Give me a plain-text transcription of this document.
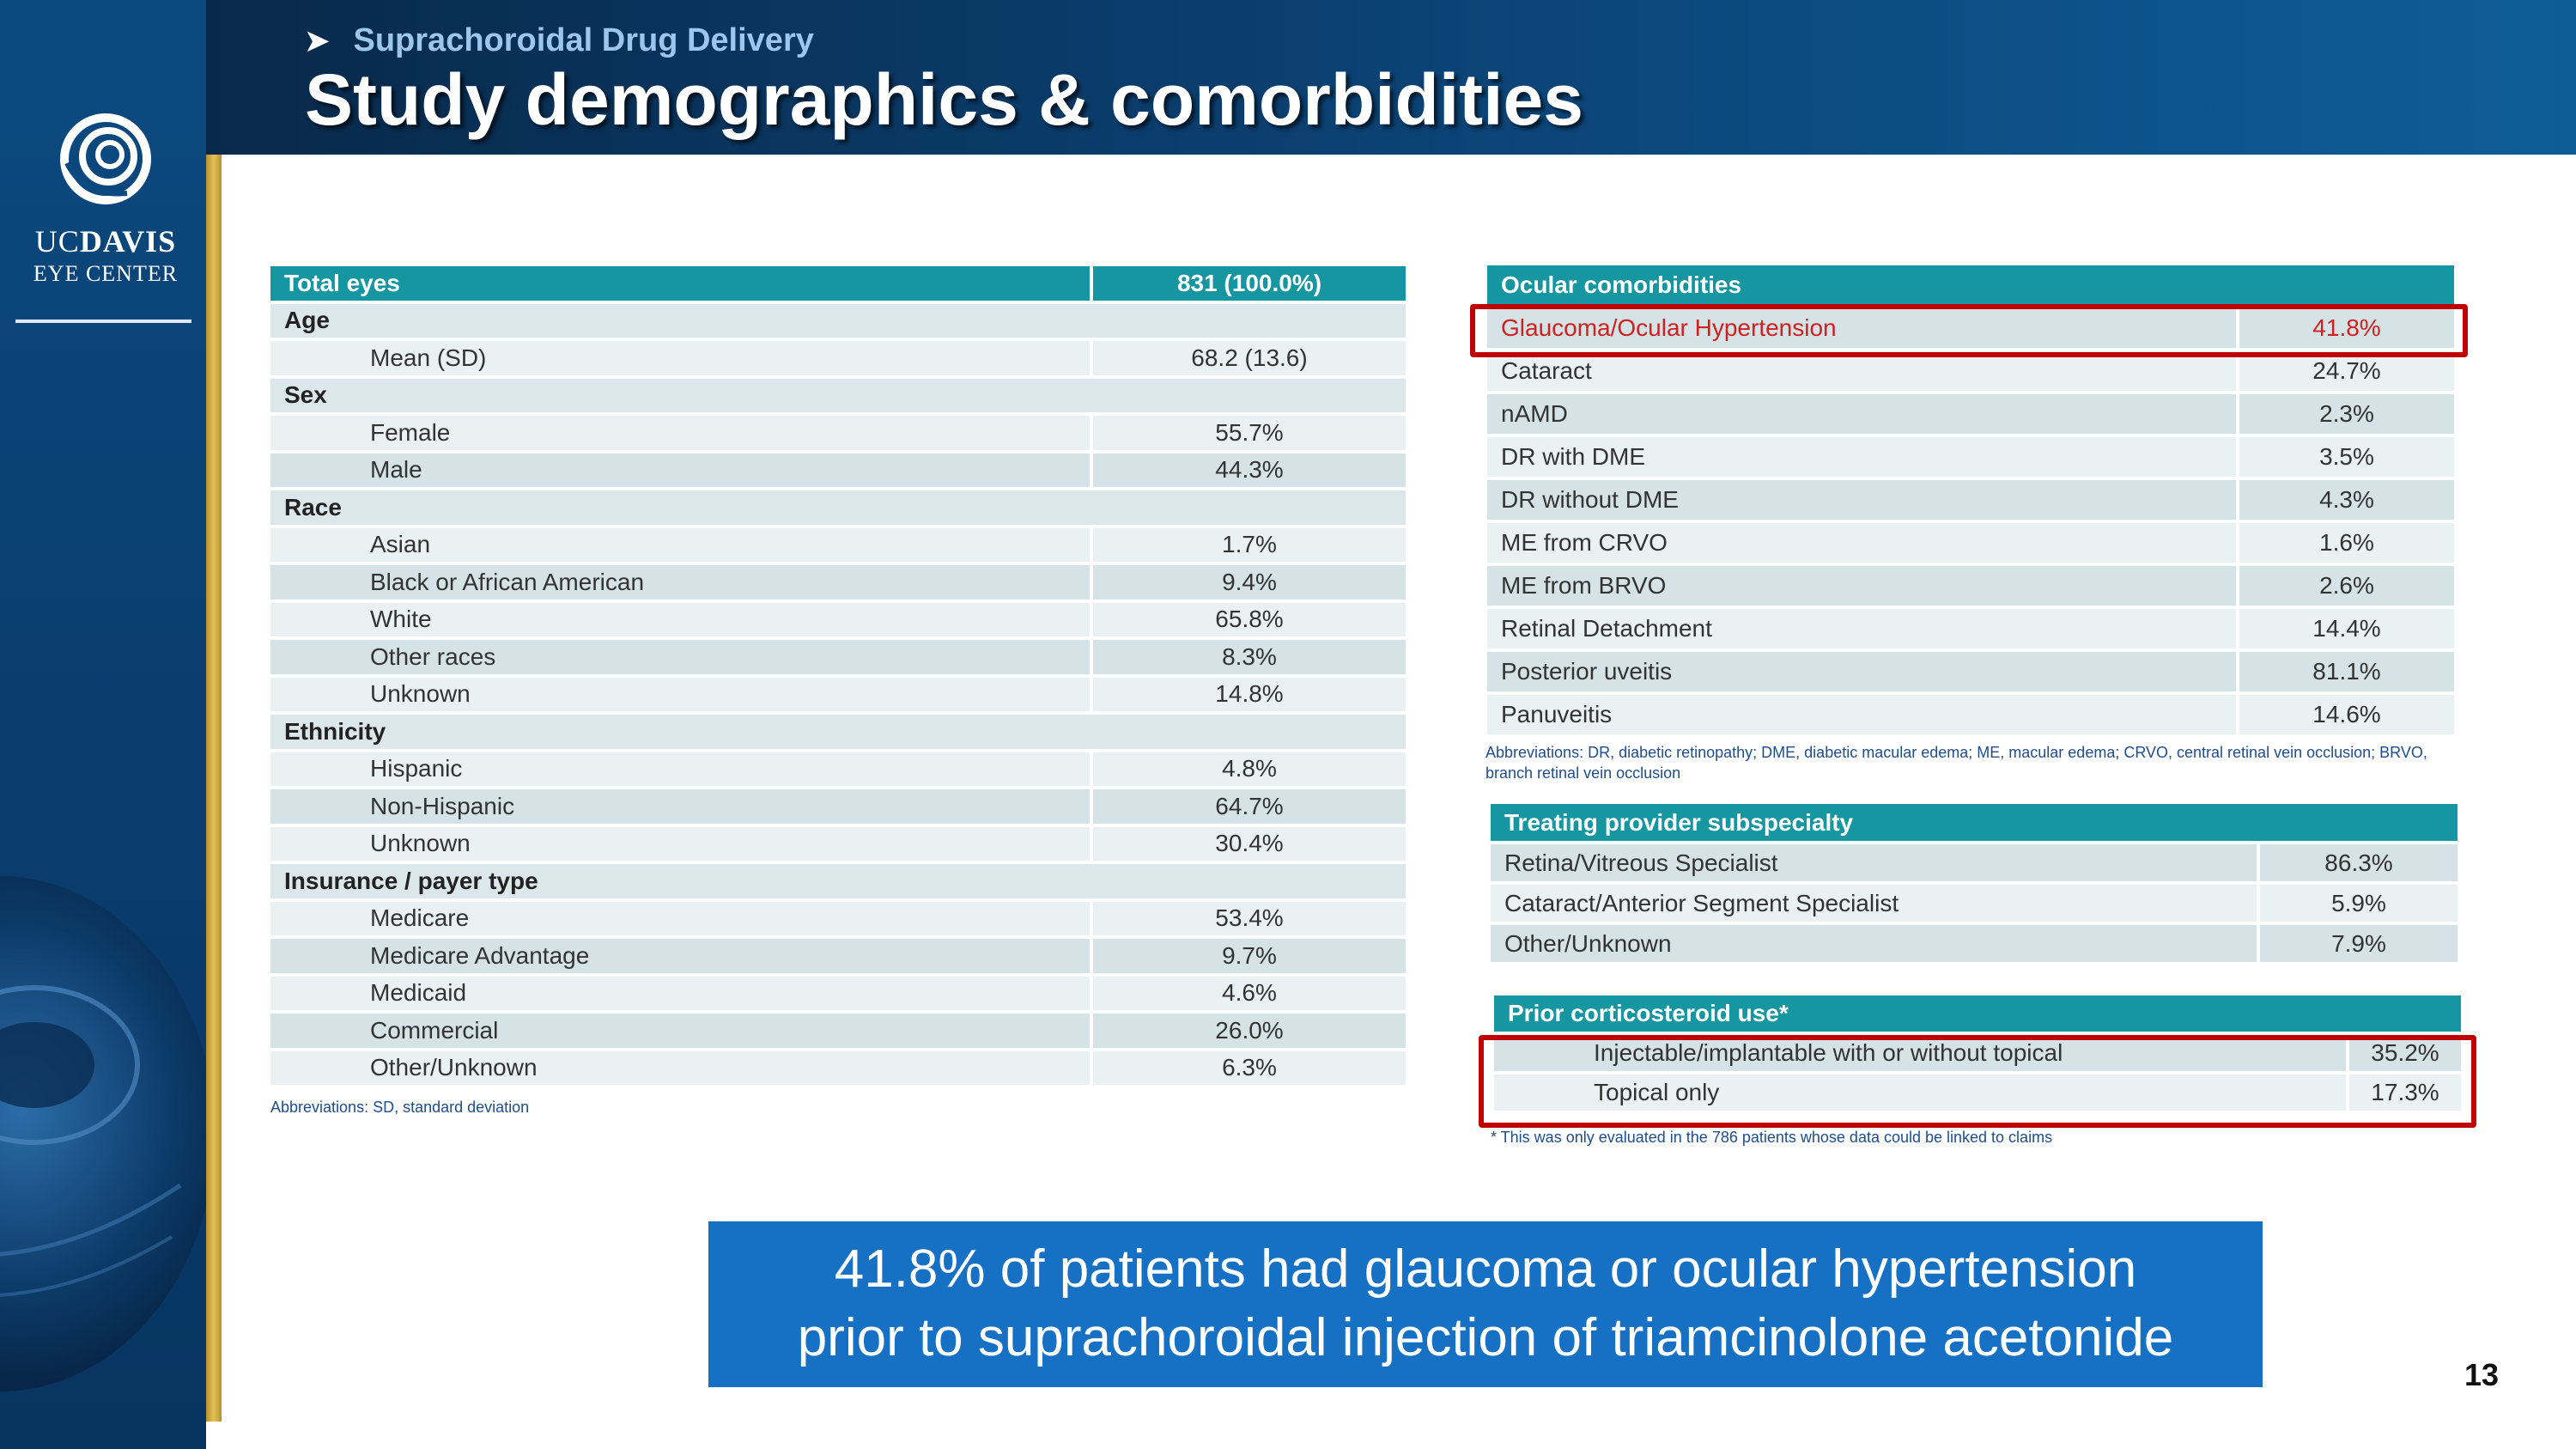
UCDAVIS
EYE CENTER
➤ Suprachoroidal Drug Delivery
Study demographics & comorbidities
Total eyes	831 (100.0%)
Age	
Mean (SD)	68.2 (13.6)
Sex	
Female	55.7%
Male	44.3%
Race	
Asian	1.7%
Black or African American	9.4%
White	65.8%
Other races	8.3%
Unknown	14.8%
Ethnicity	
Hispanic	4.8%
Non-Hispanic	64.7%
Unknown	30.4%
Insurance / payer type	
Medicare	53.4%
Medicare Advantage	9.7%
Medicaid	4.6%
Commercial	26.0%
Other/Unknown	6.3%
Abbreviations: SD, standard deviation
Ocular comorbidities	
Glaucoma/Ocular Hypertension	41.8%
Cataract	24.7%
nAMD	2.3%
DR with DME	3.5%
DR without DME	4.3%
ME from CRVO	1.6%
ME from BRVO	2.6%
Retinal Detachment	14.4%
Posterior uveitis	81.1%
Panuveitis	14.6%
Abbreviations: DR, diabetic retinopathy; DME, diabetic macular edema; ME, macular edema; CRVO, central retinal vein occlusion; BRVO, branch retinal vein occlusion
Treating provider subspecialty	
Retina/Vitreous Specialist	86.3%
Cataract/Anterior Segment Specialist	5.9%
Other/Unknown	7.9%
Prior corticosteroid use*	
Injectable/implantable with or without topical	35.2%
Topical only	17.3%
* This was only evaluated in the 786 patients whose data could be linked to claims
41.8% of patients had glaucoma or ocular hypertension
prior to suprachoroidal injection of triamcinolone acetonide
13
